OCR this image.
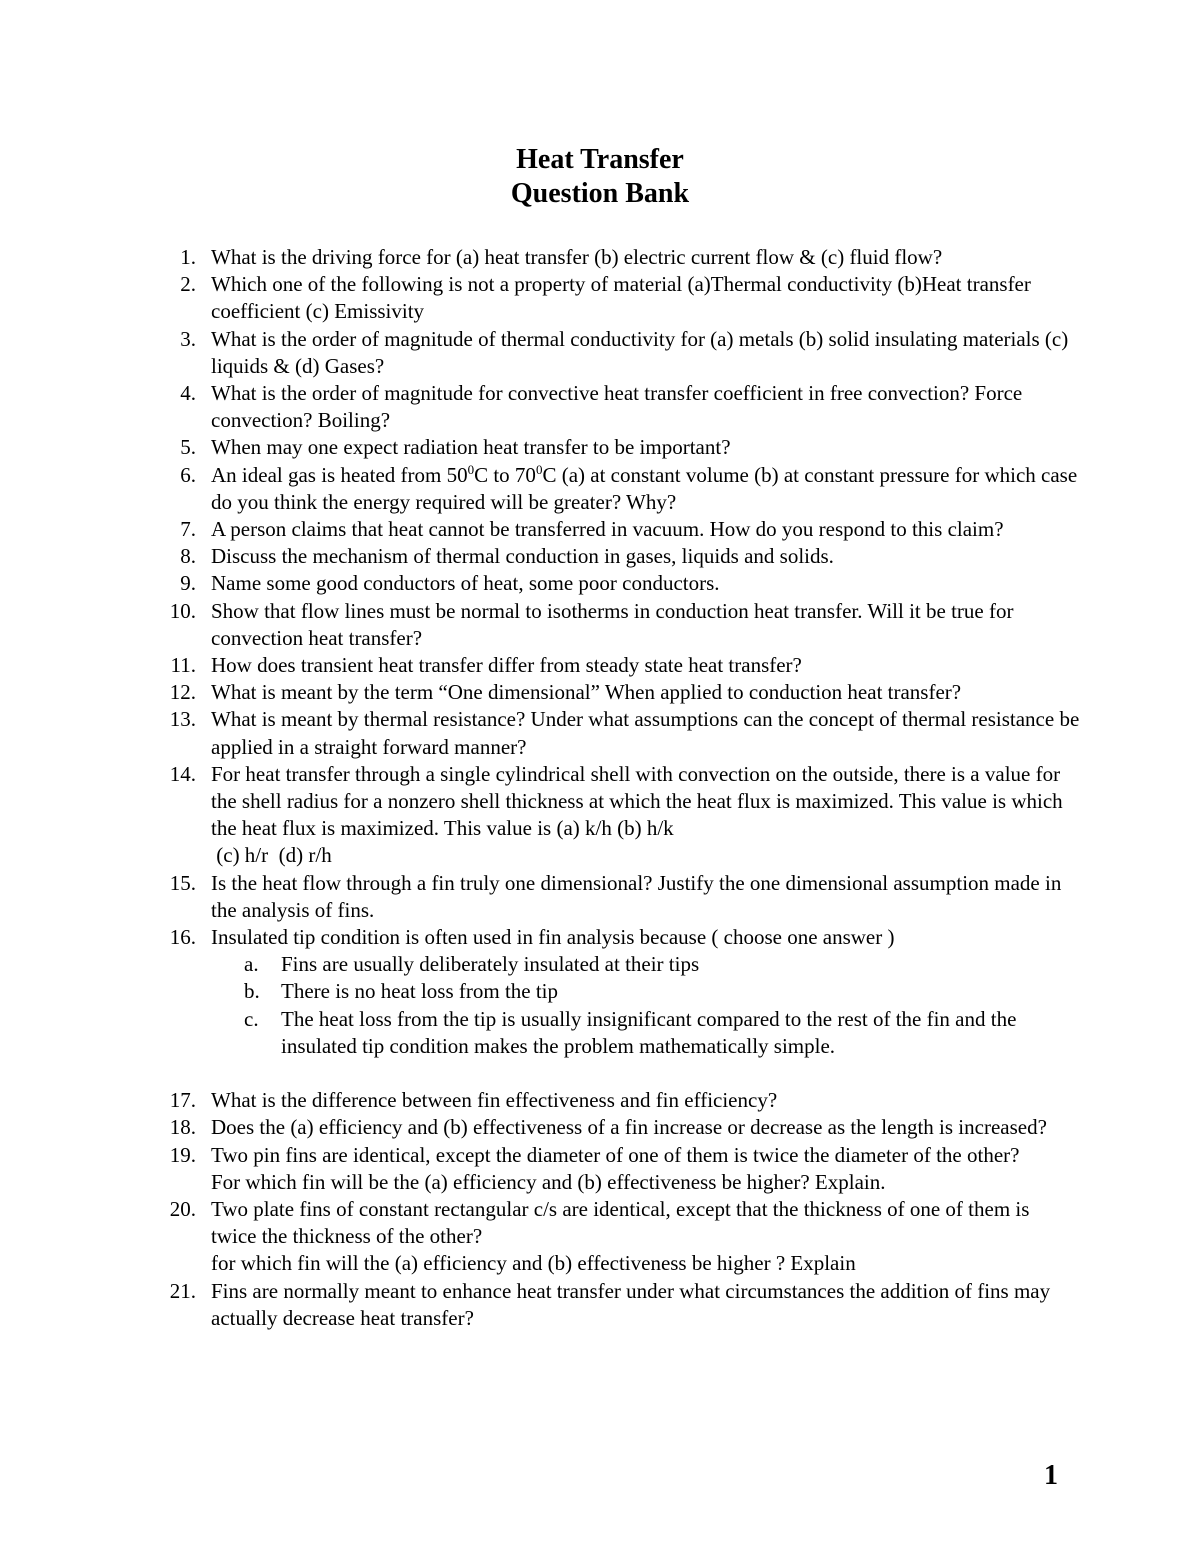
Heat Transfer
Question Bank
1. What is the driving force for (a) heat transfer (b) electric current flow & (c) fluid flow?
2. Which one of the following is not a property of material (a)Thermal conductivity (b)Heat transfer coefficient (c) Emissivity
3. What is the order of magnitude of thermal conductivity for (a) metals (b) solid insulating materials (c) liquids & (d) Gases?
4. What is the order of magnitude for convective heat transfer coefficient in free convection? Force convection? Boiling?
5. When may one expect radiation heat transfer to be important?
6. An ideal gas is heated from $50^0C$ to $70^0C$ (a) at constant volume (b) at constant pressure for which case do you think the energy required will be greater? Why?
7. A person claims that heat cannot be transferred in vacuum. How do you respond to this claim?
8. Discuss the mechanism of thermal conduction in gases, liquids and solids.
9. Name some good conductors of heat, some poor conductors.
10. Show that flow lines must be normal to isotherms in conduction heat transfer. Will it be true for convection heat transfer?
11. How does transient heat transfer differ from steady state heat transfer?
12. What is meant by the term “One dimensional” When applied to conduction heat transfer?
13. What is meant by thermal resistance? Under what assumptions can the concept of thermal resistance be applied in a straight forward manner?
14. For heat transfer through a single cylindrical shell with convection on the outside, there is a value for the shell radius for a nonzero shell thickness at which the heat flux is maximized. This value is which the heat flux is maximized. This value is (a) k/h (b) h/k
(c) h/r  (d) r/h
15. Is the heat flow through a fin truly one dimensional? Justify the one dimensional assumption made in the analysis of fins.
16. Insulated tip condition is often used in fin analysis because ( choose one answer )
a. Fins are usually deliberately insulated at their tips
b. There is no heat loss from the tip
c. The heat loss from the tip is usually insignificant compared to the rest of the fin and the insulated tip condition makes the problem mathematically simple.
17. What is the difference between fin effectiveness and fin efficiency?
18. Does the (a) efficiency and (b) effectiveness of a fin increase or decrease as the length is increased?
19. Two pin fins are identical, except the diameter of one of them is twice the diameter of the other?
For which fin will be the (a) efficiency and (b) effectiveness be higher? Explain.
20. Two plate fins of constant rectangular c/s are identical, except that the thickness of one of them is twice the thickness of the other?
for which fin will the (a) efficiency and (b) effectiveness be higher ? Explain
21. Fins are normally meant to enhance heat transfer under what circumstances the addition of fins may actually decrease heat transfer?
1
